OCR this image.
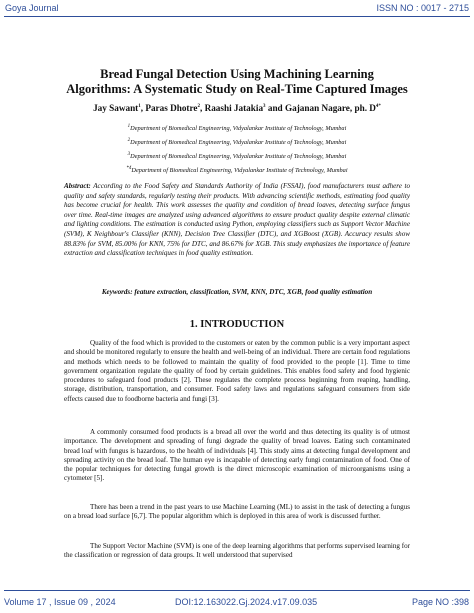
Goya Journal	ISSN NO : 0017 - 2715
Bread Fungal Detection Using Machining Learning
Algorithms: A Systematic Study on Real-Time Captured Images
Jay Sawant$^1$, Paras Dhotre$^2$, Raashi Jatakia$^3$ and Gajanan Nagare, ph. $D^{4*}$
$^1$Department of Biomedical Engineering, Vidyalankar Institute of Technology, Mumbai
$^2$Department of Biomedical Engineering, Vidyalankar Institute of Technology, Mumbai
$^3$Department of Biomedical Engineering, Vidyalankar Institute of Technology, Mumbai
$^{*4}$Department of Biomedical Engineering, Vidyalankar Institute of Technology, Mumbai
Abstract: According to the Food Safety and Standards Authority of India (FSSAI), food manufacturers must adhere to quality and safety standards, regularly testing their products. With advancing scientific methods, estimating food quality has become crucial for health. This work assesses the quality and condition of bread loaves, detecting surface fungus over time. Real-time images are analyzed using advanced algorithms to ensure product quality despite external climatic and lighting conditions. The estimation is conducted using Python, employing classifiers such as Support Vector Machine (SVM), K Neighbour's Classifier (KNN), Decision Tree Classifier (DTC), and XGBoost (XGB). Accuracy results show 88.83% for SVM, 85.00% for KNN, 75% for DTC, and 86.67% for XGB. This study emphasizes the importance of feature extraction and classification techniques in food quality estimation.
Keywords: feature extraction, classification, SVM, KNN, DTC, XGB, food quality estimation
1. INTRODUCTION
Quality of the food which is provided to the customers or eaten by the common public is a very important aspect and should be monitored regularly to ensure the health and well-being of an individual. There are certain food regulations and methods which needs to be followed to maintain the quality of food provided to the people [1]. Time to time government organization regulate the quality of food by certain guidelines. This enables food safety and food hygienic procedures to safeguard food products [2]. These regulates the complete process beginning from reaping, handling, storage, distribution, transportation, and consumer. Food safety laws and regulations safeguard consumers from side effects caused due to foodborne bacteria and fungi [3].
A commonly consumed food products is a bread all over the world and thus detecting its quality is of utmost importance. The development and spreading of fungi degrade the quality of bread loaves. Eating such contaminated bread loaf with fungus is hazardous, to the health of individuals [4]. This study aims at detecting fungal development and spreading activity on the bread loaf. The human eye is incapable of detecting early fungi contamination of food. One of the popular techniques for detecting fungal growth is the direct microscopic examination of microorganisms using a cytometer [5].
There has been a trend in the past years to use Machine Learning (ML) to assist in the task of detecting a fungus on a bread load surface [6,7]. The popular algorithm which is deployed in this area of work is discussed further.
The Support Vector Machine (SVM) is one of the deep learning algorithms that performs supervised learning for the classification or regression of data groups. It well understood that supervised
Volume 17 , Issue 09 , 2024	DOI:12.163022.Gj.2024.v17.09.035	Page NO :398
